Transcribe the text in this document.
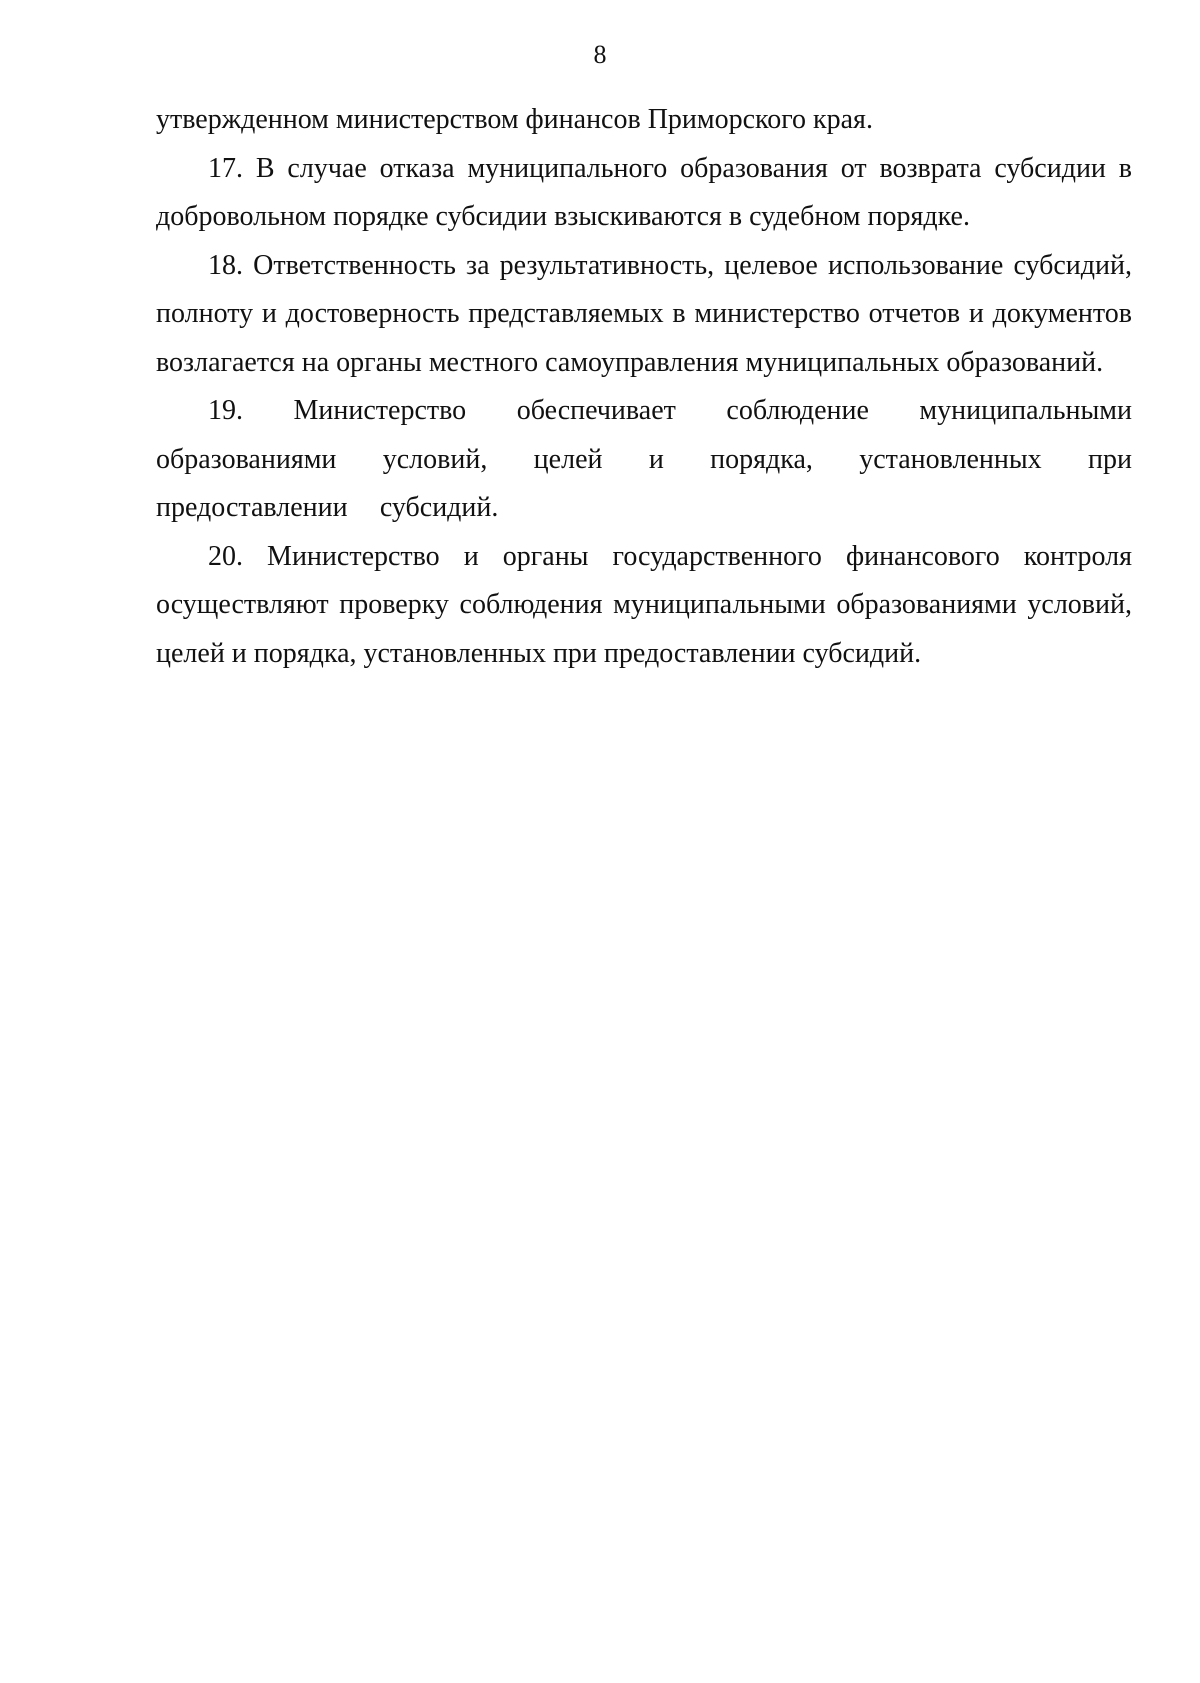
8

утвержденном министерством финансов Приморского края.

17. В случае отказа муниципального образования от возврата субсидии в добровольном порядке субсидии взыскиваются в судебном порядке.

18. Ответственность за результативность, целевое использование субсидий, полноту и достоверность представляемых в министерство отчетов и документов возлагается на органы местного самоуправления муниципальных образований.

19. Министерство обеспечивает соблюдение муниципальными образованиями условий, целей и порядка, установленных при предоставлении субсидий.

20. Министерство и органы государственного финансового контроля осуществляют проверку соблюдения муниципальными образованиями условий, целей и порядка, установленных при предоставлении субсидий.
